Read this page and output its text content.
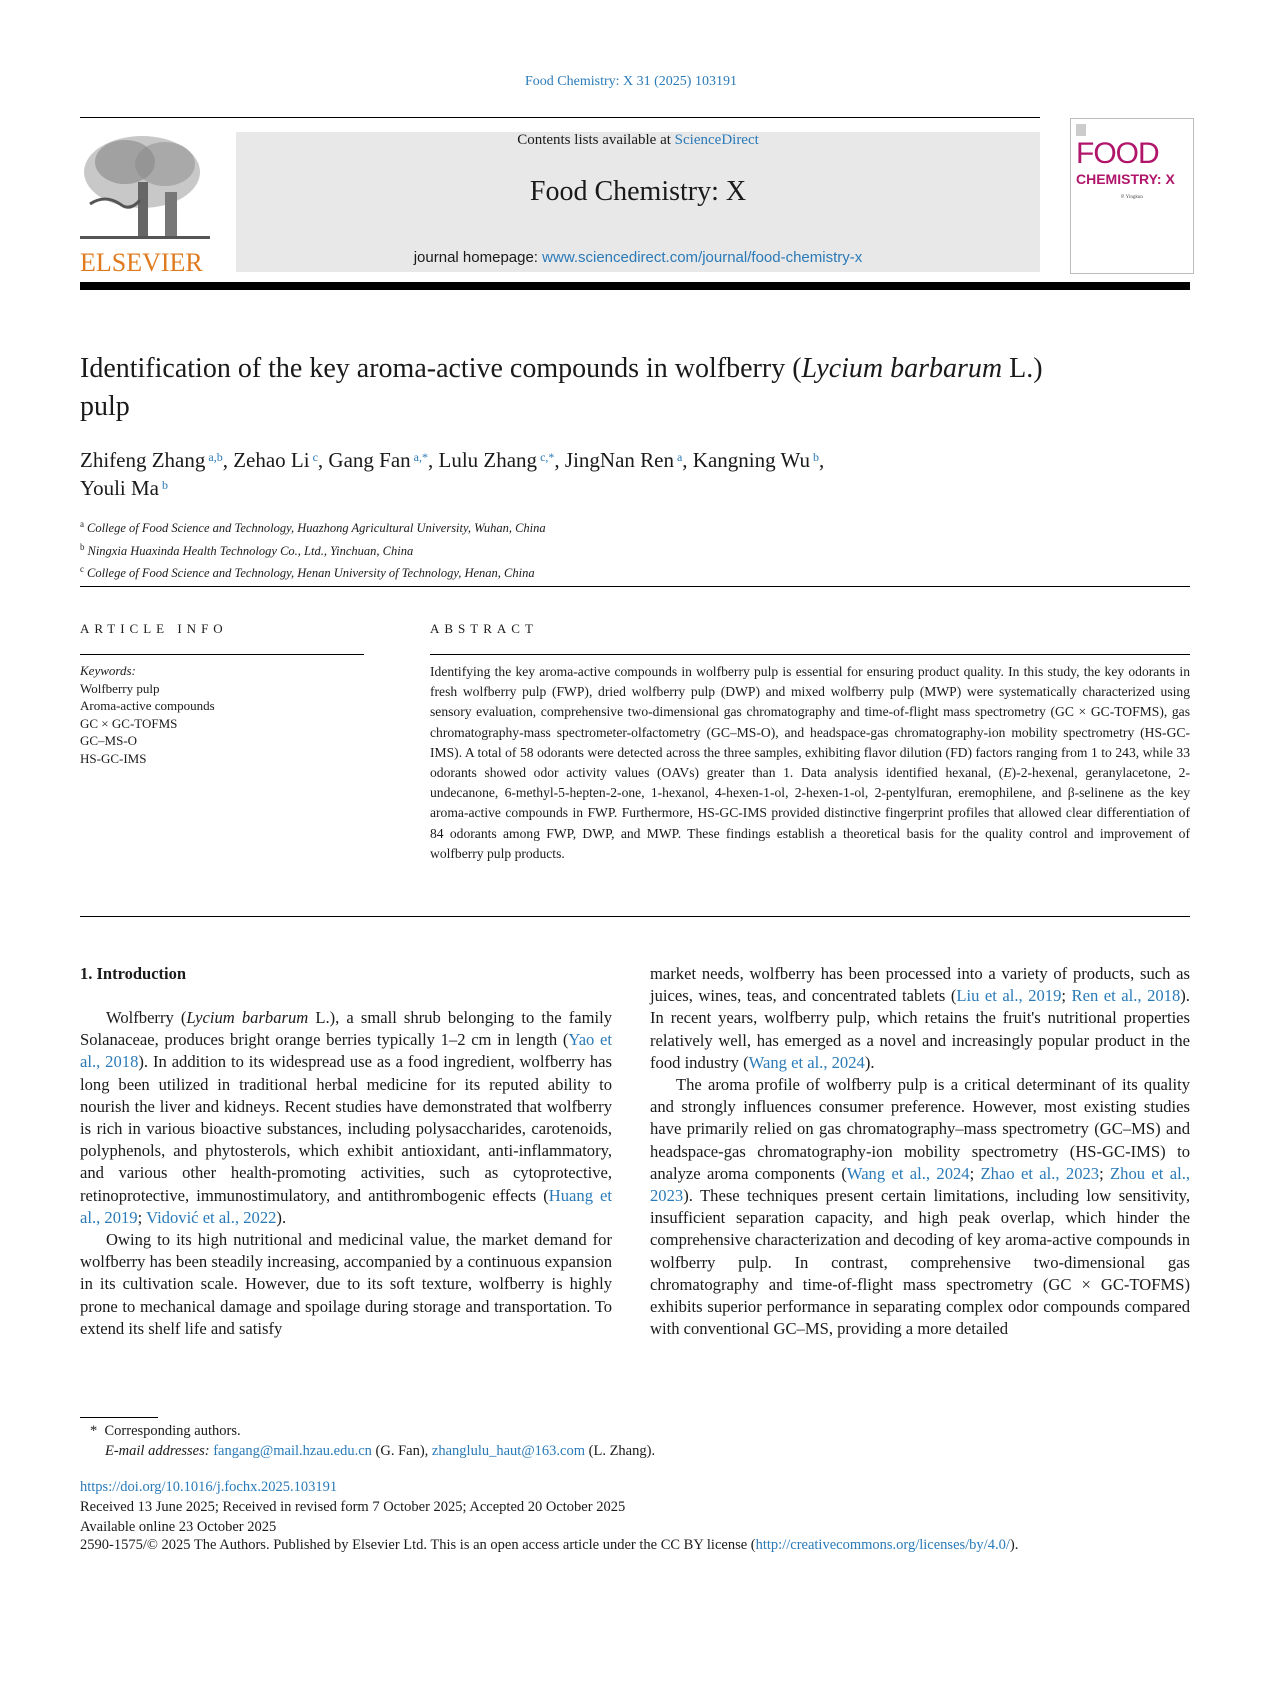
Food Chemistry: X 31 (2025) 103191
ELSEVIER
Contents lists available at ScienceDirect
Food Chemistry: X
journal homepage: www.sciencedirect.com/journal/food-chemistry-x
FOOD
CHEMISTRY: X
P. Yingkun
Identification of the key aroma-active compounds in wolfberry (Lycium barbarum L.) pulp
Zhifeng Zhang $^{a,b}$, Zehao Li $^c$, Gang Fan $^{a,*}$, Lulu Zhang $^{c,*}$, JingNan Ren $^a$, Kangning Wu $^b$,
Youli Ma $^b$
$^a$ College of Food Science and Technology, Huazhong Agricultural University, Wuhan, China
$^b$ Ningxia Huaxinda Health Technology Co., Ltd., Yinchuan, China
$^c$ College of Food Science and Technology, Henan University of Technology, Henan, China
ARTICLE INFO	ABSTRACT
Keywords:
Wolfberry pulp
Aroma-active compounds
GC × GC-TOFMS
GC–MS-O
HS-GC-IMS
Identifying the key aroma-active compounds in wolfberry pulp is essential for ensuring product quality. In this study, the key odorants in fresh wolfberry pulp (FWP), dried wolfberry pulp (DWP) and mixed wolfberry pulp (MWP) were systematically characterized using sensory evaluation, comprehensive two-dimensional gas chromatography and time-of-flight mass spectrometry (GC × GC-TOFMS), gas chromatography-mass spectrometer-olfactometry (GC–MS-O), and headspace-gas chromatography-ion mobility spectrometry (HS-GC-IMS). A total of 58 odorants were detected across the three samples, exhibiting flavor dilution (FD) factors ranging from 1 to 243, while 33 odorants showed odor activity values (OAVs) greater than 1. Data analysis identified hexanal, (E)-2-hexenal, geranylacetone, 2-undecanone, 6-methyl-5-hepten-2-one, 1-hexanol, 4-hexen-1-ol, 2-hexen-1-ol, 2-pentylfuran, eremophilene, and β-selinene as the key aroma-active compounds in FWP. Furthermore, HS-GC-IMS provided distinctive fingerprint profiles that allowed clear differentiation of 84 odorants among FWP, DWP, and MWP. These findings establish a theoretical basis for the quality control and improvement of wolfberry pulp products.
1. Introduction

Wolfberry (Lycium barbarum L.), a small shrub belonging to the family Solanaceae, produces bright orange berries typically 1–2 cm in length (Yao et al., 2018). In addition to its widespread use as a food ingredient, wolfberry has long been utilized in traditional herbal medicine for its reputed ability to nourish the liver and kidneys. Recent studies have demonstrated that wolfberry is rich in various bioactive substances, including polysaccharides, carotenoids, polyphenols, and phytosterols, which exhibit antioxidant, anti-inflammatory, and various other health-promoting activities, such as cytoprotective, retinoprotective, immunostimulatory, and antithrombogenic effects (Huang et al., 2019; Vidović et al., 2022).

Owing to its high nutritional and medicinal value, the market demand for wolfberry has been steadily increasing, accompanied by a continuous expansion in its cultivation scale. However, due to its soft texture, wolfberry is highly prone to mechanical damage and spoilage during storage and transportation. To extend its shelf life and satisfy

market needs, wolfberry has been processed into a variety of products, such as juices, wines, teas, and concentrated tablets (Liu et al., 2019; Ren et al., 2018). In recent years, wolfberry pulp, which retains the fruit's nutritional properties relatively well, has emerged as a novel and increasingly popular product in the food industry (Wang et al., 2024).

The aroma profile of wolfberry pulp is a critical determinant of its quality and strongly influences consumer preference. However, most existing studies have primarily relied on gas chromatography–mass spectrometry (GC–MS) and headspace-gas chromatography-ion mobility spectrometry (HS-GC-IMS) to analyze aroma components (Wang et al., 2024; Zhao et al., 2023; Zhou et al., 2023). These techniques present certain limitations, including low sensitivity, insufficient separation capacity, and high peak overlap, which hinder the comprehensive characterization and decoding of key aroma-active compounds in wolfberry pulp. In contrast, comprehensive two-dimensional gas chromatography and time-of-flight mass spectrometry (GC × GC-TOFMS) exhibits superior performance in separating complex odor compounds compared with conventional GC–MS, providing a more detailed

* Corresponding authors.
E-mail addresses: fangang@mail.hzau.edu.cn (G. Fan), zhanglulu_haut@163.com (L. Zhang).
https://doi.org/10.1016/j.fochx.2025.103191
Received 13 June 2025; Received in revised form 7 October 2025; Accepted 20 October 2025
Available online 23 October 2025
2590-1575/© 2025 The Authors. Published by Elsevier Ltd. This is an open access article under the CC BY license (http://creativecommons.org/licenses/by/4.0/).
